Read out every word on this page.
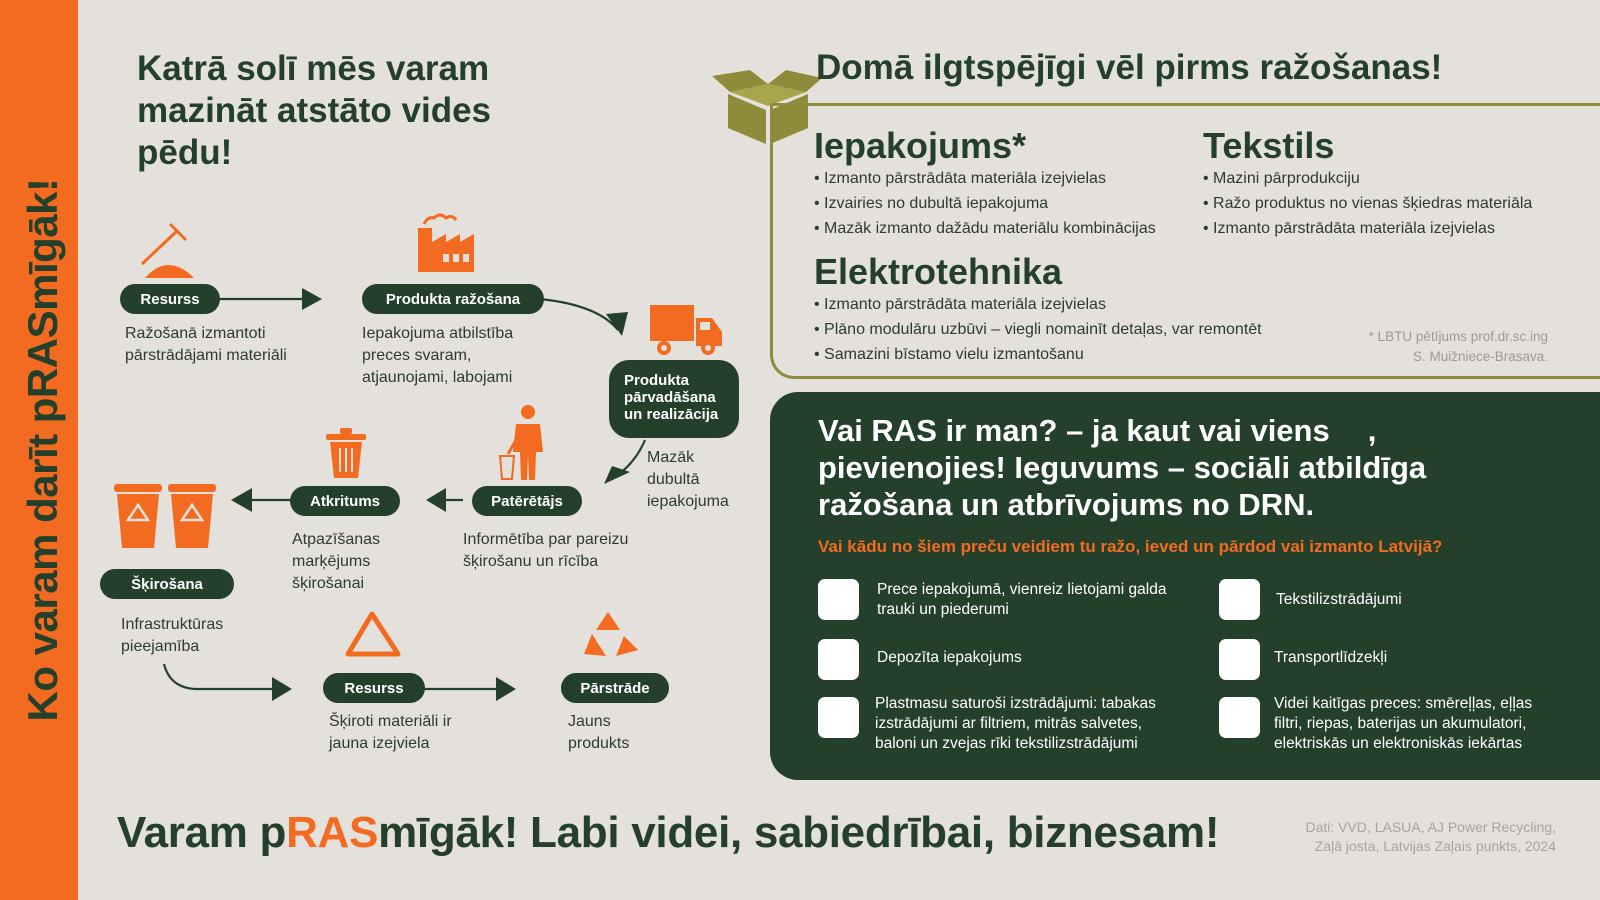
Ko varam darīt pRASmīgāk!
Katrā solī mēs varam mazināt atstāto vides pēdu!
Resurss
Ražošanā izmantoti pārstrādājami materiāli
Produkta ražošana
Iepakojuma atbilstība preces svaram, atjaunojami, labojami	Produkta
pārvadāšana
un realizācija
Mazāk dubultā iepakojuma
Patērētājs
Informētība par pareizu šķirošanu un rīcība
Atkritums
Atpazīšanas marķējums šķirošanai
Šķirošana
Infrastruktūras pieejamība
Resurss
Šķiroti materiāli ir jauna izejviela
Pārstrāde
Jauns produkts
Domā ilgtspējīgi vēl pirms ražošanas!
Iepakojums*
• Izmanto pārstrādāta materiāla izejvielas
• Izvairies no dubultā iepakojuma
• Mazāk izmanto dažādu materiālu kombinācijas
Tekstils
• Mazini pārprodukciju
• Ražo produktus no vienas šķiedras materiāla
• Izmanto pārstrādāta materiāla izejvielas
Elektrotehnika
• Izmanto pārstrādāta materiāla izejvielas
• Plāno modulāru uzbūvi – viegli nomainīt detaļas, var remontēt
• Samazini bīstamo vielu izmantošanu
* LBTU pētījums prof.dr.sc.ing
S. Muižniece-Brasava.
Vai RAS ir man? – ja kaut vai viens , pievienojies! Ieguvums – sociāli atbildīga ražošana un atbrīvojums no DRN.
Vai kādu no šiem preču veidiem tu ražo, ieved un pārdod vai izmanto Latvijā?
Prece iepakojumā, vienreiz lietojami galda trauki un piederumi
Tekstilizstrādājumi
Depozīta iepakojums	Transportlīdzekļi
Plastmasu saturoši izstrādājumi: tabakas izstrādājumi ar filtriem, mitrās salvetes, baloni un zvejas rīki tekstilizstrādājumi
Videi kaitīgas preces: smēreļļas, eļļas filtri, riepas, baterijas un akumulatori, elektriskās un elektroniskās iekārtas
Varam pRASmīgāk! Labi videi, sabiedrībai, biznesam!	Dati: VVD, LASUA, AJ Power Recycling,
Zaļā josta, Latvijas Zaļais punkts, 2024
